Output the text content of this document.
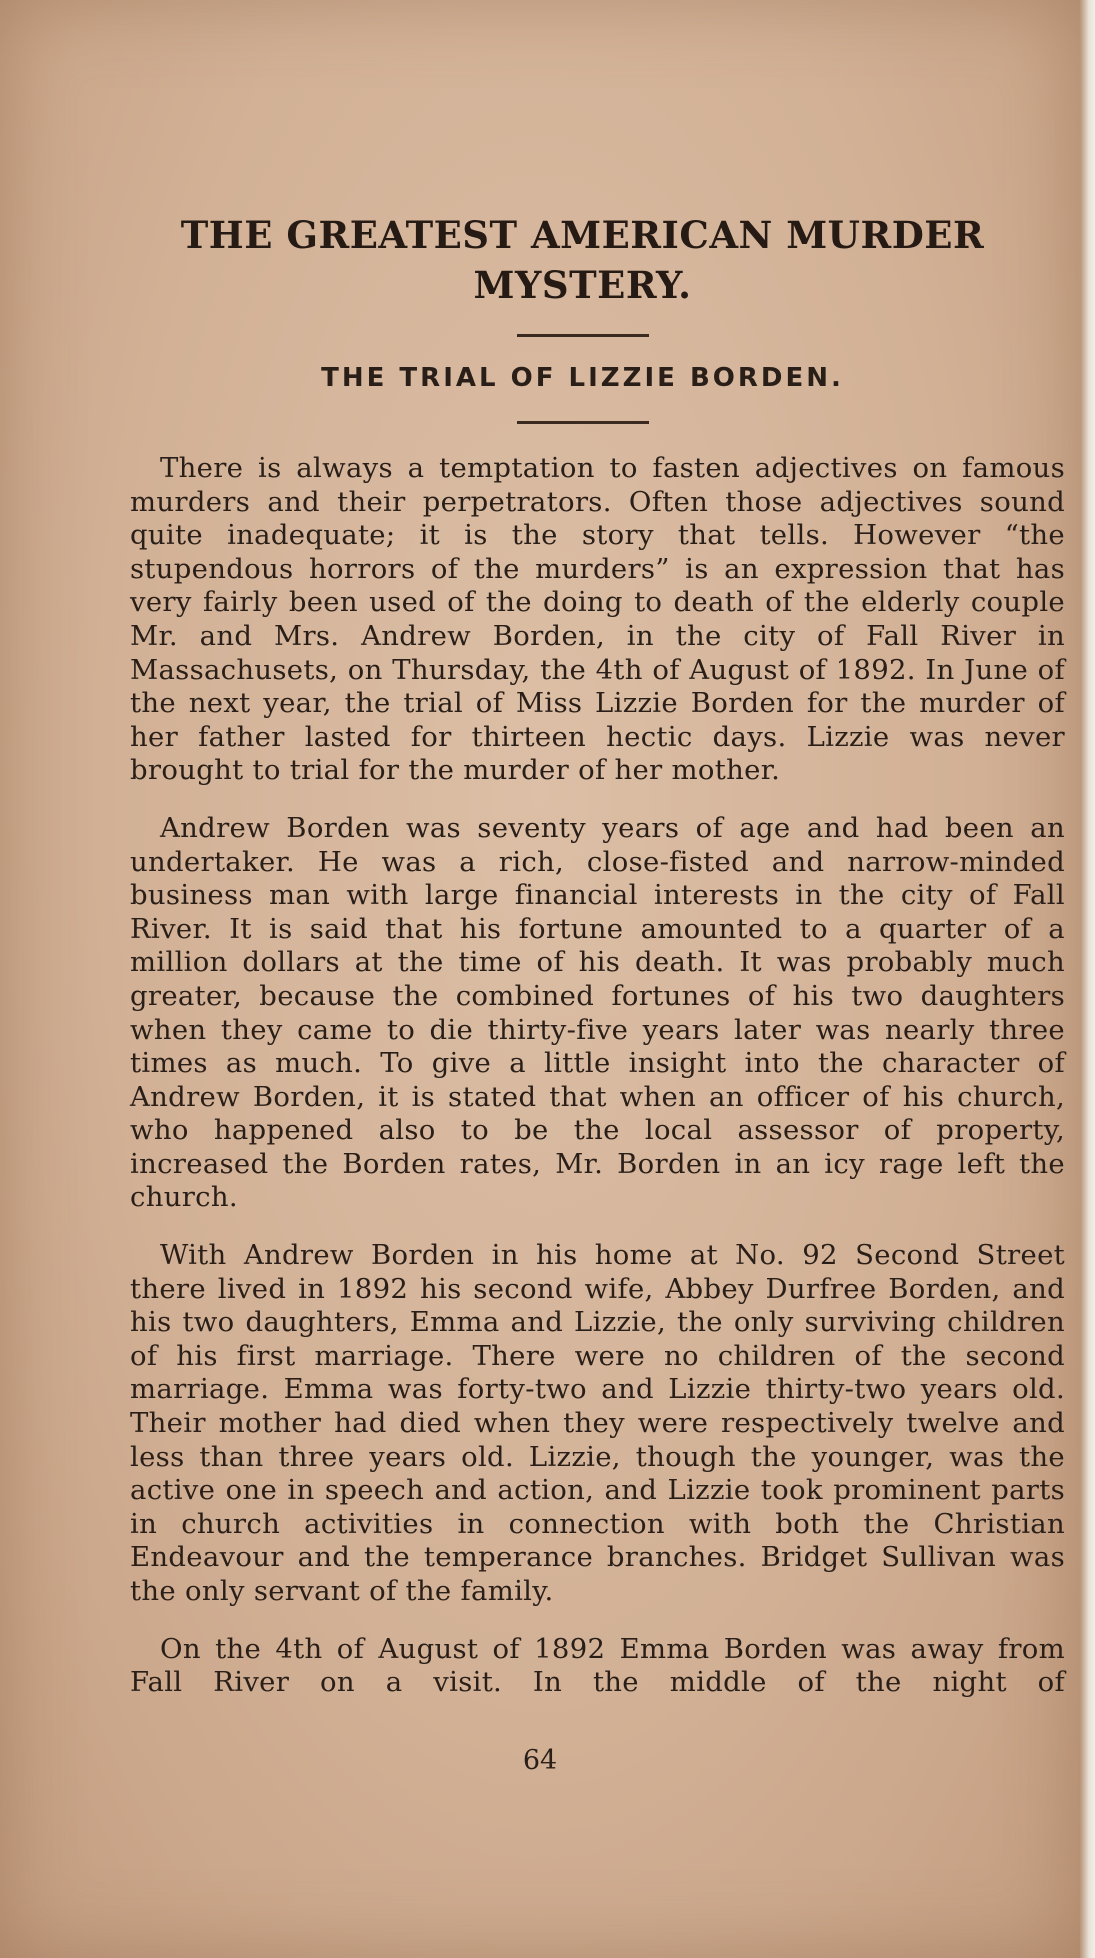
THE GREATEST AMERICAN MURDER MYSTERY.
THE TRIAL OF LIZZIE BORDEN.

There is always a temptation to fasten adjectives on famous murders and their perpetrators. Often those adjectives sound quite inadequate; it is the story that tells. However “the stupendous horrors of the murders” is an expression that has very fairly been used of the doing to death of the elderly couple Mr. and Mrs. Andrew Borden, in the city of Fall River in Massachusets, on Thursday, the 4th of August of 1892. In June of the next year, the trial of Miss Lizzie Borden for the murder of her father lasted for thirteen hectic days. Lizzie was never brought to trial for the murder of her mother.

Andrew Borden was seventy years of age and had been an undertaker. He was a rich, close-fisted and narrow-minded business man with large financial interests in the city of Fall River. It is said that his fortune amounted to a quarter of a million dollars at the time of his death. It was probably much greater, because the combined fortunes of his two daughters when they came to die thirty-five years later was nearly three times as much. To give a little insight into the character of Andrew Borden, it is stated that when an officer of his church, who happened also to be the local assessor of property, increased the Borden rates, Mr. Borden in an icy rage left the church.

With Andrew Borden in his home at No. 92 Second Street there lived in 1892 his second wife, Abbey Durfree Borden, and his two daughters, Emma and Lizzie, the only surviving children of his first marriage. There were no children of the second marriage. Emma was forty-two and Lizzie thirty-two years old. Their mother had died when they were respectively twelve and less than three years old. Lizzie, though the younger, was the active one in speech and action, and Lizzie took prominent parts in church activities in connection with both the Christian Endeavour and the temperance branches. Bridget Sullivan was the only servant of the family.

On the 4th of August of 1892 Emma Borden was away from Fall River on a visit. In the middle of the night of

64
